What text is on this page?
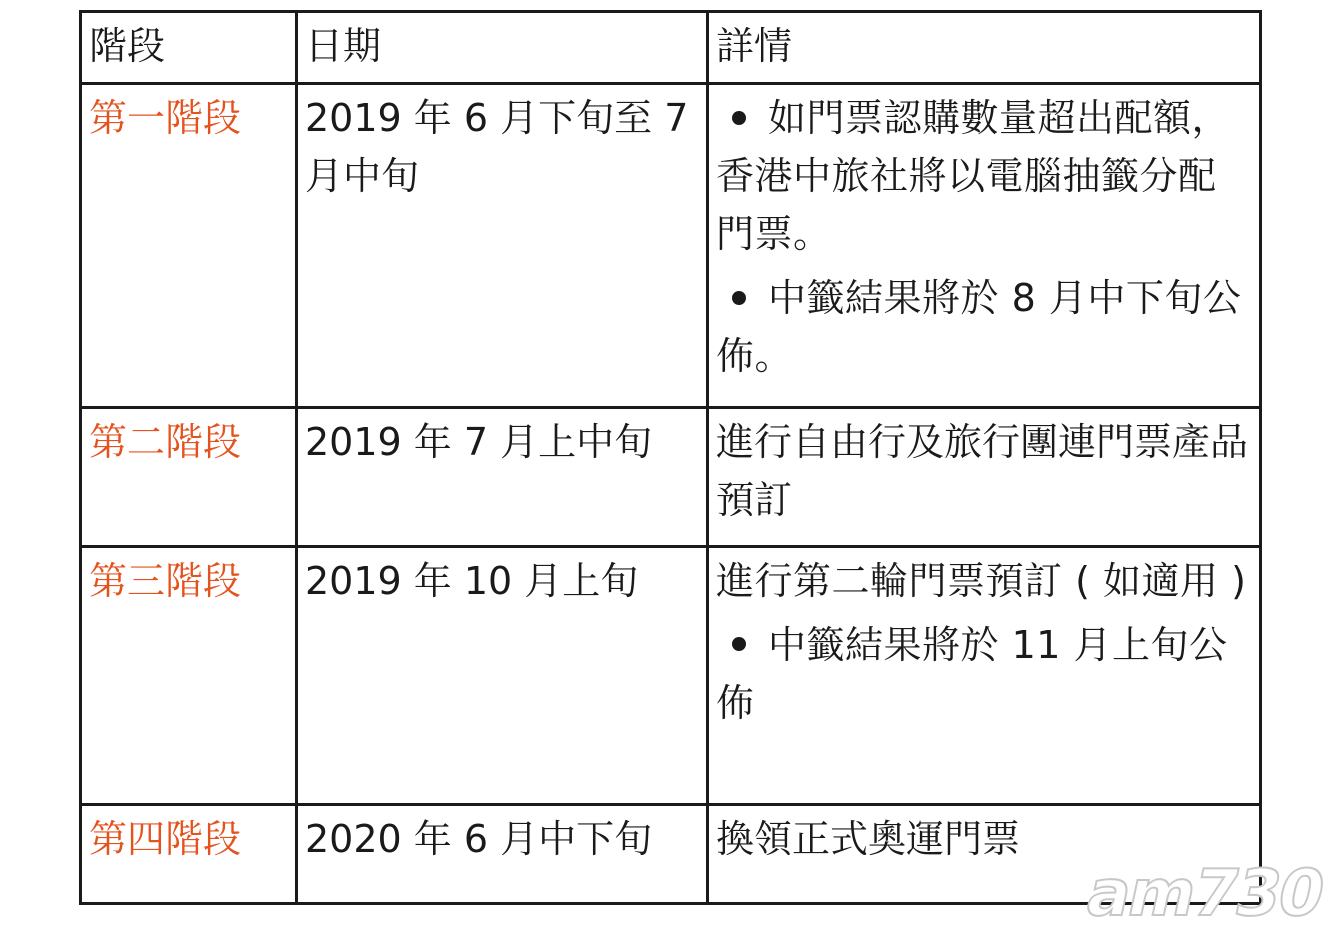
階段	日期	詳情
第一階段	2019 年 6 月下旬至 7 月中旬	如門票認購數量超出配額，香港中旅社將以電腦抽籤分配門票。
中籤結果將於 8 月中下旬公佈。

第二階段	2019 年 7 月上中旬	進行自由行及旅行團連門票產品預訂

第三階段	2019 年 10 月上旬	進行第二輪門票預訂 ( 如適用 )
中籤結果將於 11 月上旬公佈

第四階段	2020 年 6 月中下旬	換領正式奧運門票
am730
